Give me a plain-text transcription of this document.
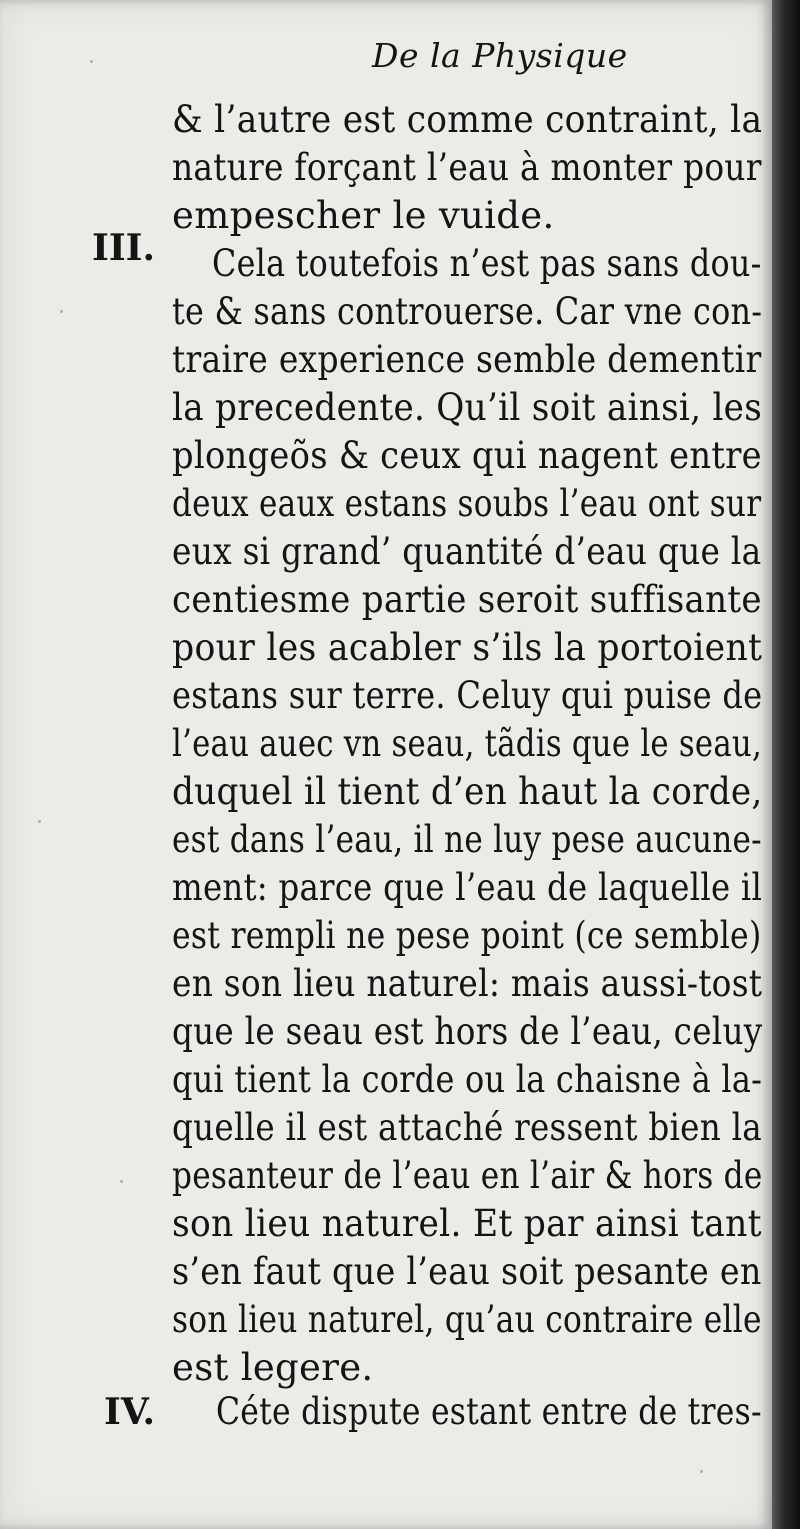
De la Physique
III.
IV.
& l’autre est comme contraint, la
nature forçant l’eau à monter pour
empescher le vuide.
Cela toutefois n’est pas sans dou-
te & sans controuerse. Car vne con-
traire experience semble dementir
la precedente. Qu’il soit ainsi, les
plongeõs & ceux qui nagent entre
deux eaux estans soubs l’eau ont sur
eux si grand’ quantité d’eau que la
centiesme partie seroit suffisante
pour les acabler s’ils la portoient
estans sur terre. Celuy qui puise de
l’eau auec vn seau, tãdis que le seau,
duquel il tient d’en haut la corde,
est dans l’eau, il ne luy pese aucune-
ment: parce que l’eau de laquelle il
est rempli ne pese point (ce semble)
en son lieu naturel: mais aussi-tost
que le seau est hors de l’eau, celuy
qui tient la corde ou la chaisne à la-
quelle il est attaché ressent bien la
pesanteur de l’eau en l’air & hors de
son lieu naturel. Et par ainsi tant
s’en faut que l’eau soit pesante en
son lieu naturel, qu’au contraire elle
est legere.
Céte dispute estant entre de tres-
